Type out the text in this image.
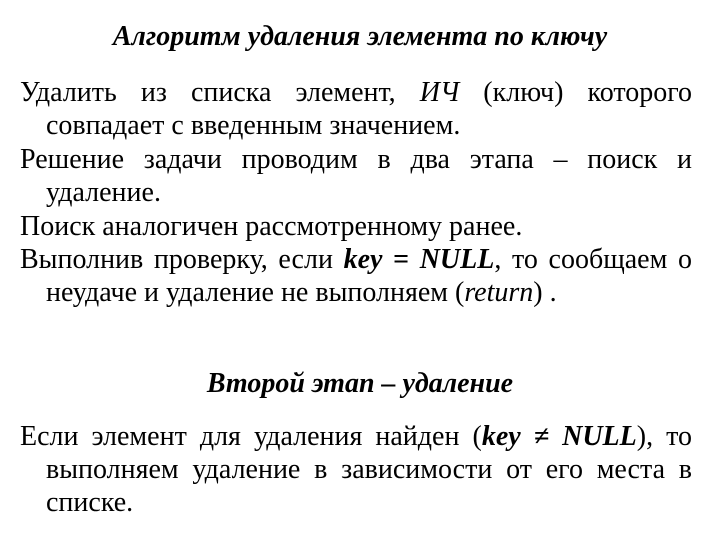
Алгоритм удаления элемента по ключу

Удалить из списка элемент, ИЧ (ключ) которого совпадает с введенным значением.

Решение задачи проводим в два этапа – поиск и удаление.

Поиск аналогичен рассмотренному ранее.

Выполнив проверку, если key = NULL, то сообщаем о неудаче и удаление не выполняем (return) .

Второй этап – удаление

Если элемент для удаления найден (key ≠ NULL), то выполняем удаление в зависимости от его места в списке.
